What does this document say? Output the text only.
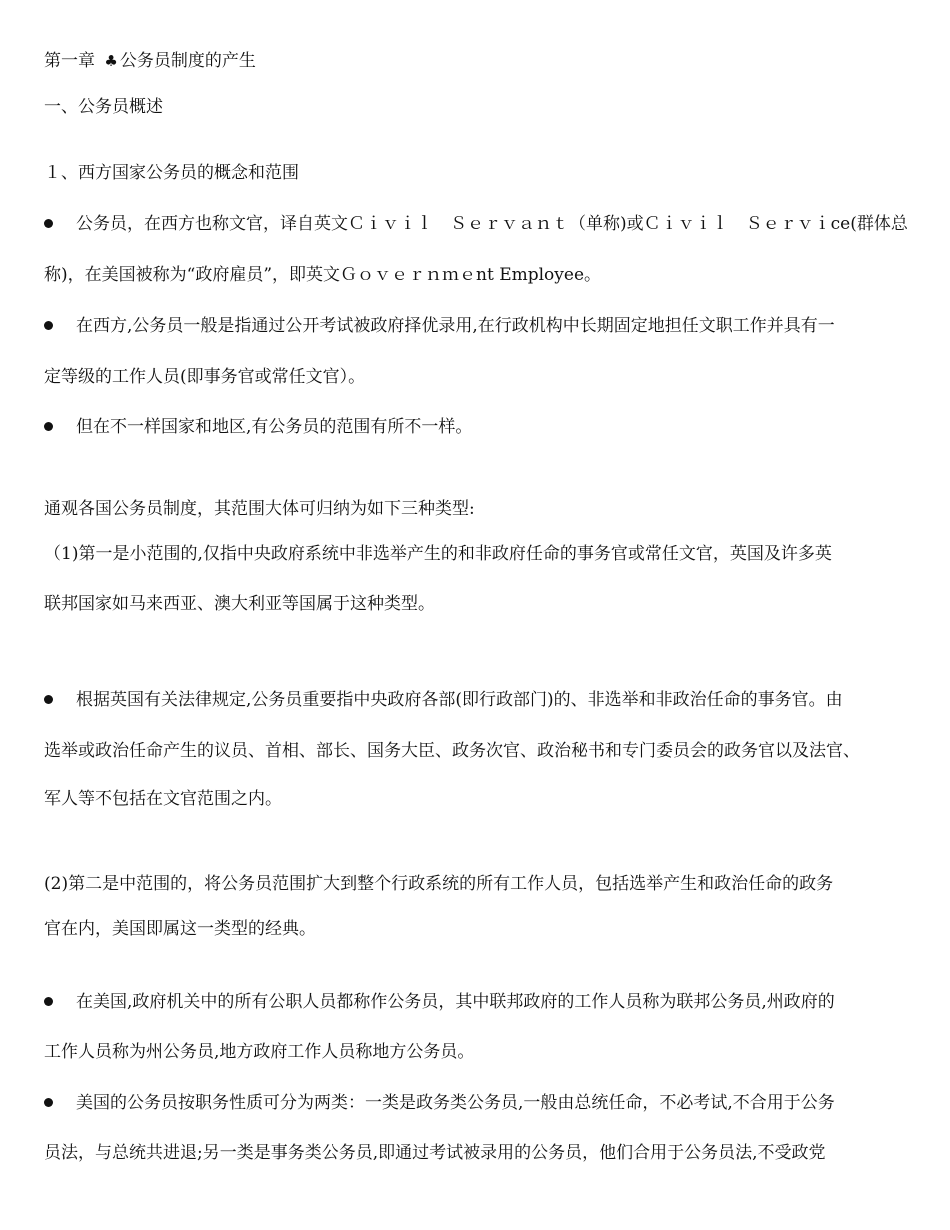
第一章 ♣ 公务员制度的产生
一、公务员概述
１、西方国家公务员的概念和范围
公务员，在西方也称文官，译自英文Ｃｉｖｉｌ　Ｓｅｒｖａｎｔ（单称)或Ｃｉｖｉｌ　Ｓｅｒｖｉce(群体总
称)，在美国被称为“政府雇员”，即英文Ｇｏｖｅｒｎｍｅnt Employee。
在西方,公务员一般是指通过公开考试被政府择优录用,在行政机构中长期固定地担任文职工作并具有一
定等级的工作人员(即事务官或常任文官）。
但在不一样国家和地区,有公务员的范围有所不一样。
通观各国公务员制度，其范围大体可归纳为如下三种类型:
（1)第一是小范围的,仅指中央政府系统中非选举产生的和非政府任命的事务官或常任文官，英国及许多英
联邦国家如马来西亚、澳大利亚等国属于这种类型。
根据英国有关法律规定,公务员重要指中央政府各部(即行政部门)的、非选举和非政治任命的事务官。由
选举或政治任命产生的议员、首相、部长、国务大臣、政务次官、政治秘书和专门委员会的政务官以及法官、
军人等不包括在文官范围之内。
(2)第二是中范围的，将公务员范围扩大到整个行政系统的所有工作人员，包括选举产生和政治任命的政务
官在内，美国即属这一类型的经典。
在美国,政府机关中的所有公职人员都称作公务员，其中联邦政府的工作人员称为联邦公务员,州政府的
工作人员称为州公务员,地方政府工作人员称地方公务员。
美国的公务员按职务性质可分为两类：一类是政务类公务员,一般由总统任命，不必考试,不合用于公务
员法，与总统共进退;另一类是事务类公务员,即通过考试被录用的公务员，他们合用于公务员法,不受政党
